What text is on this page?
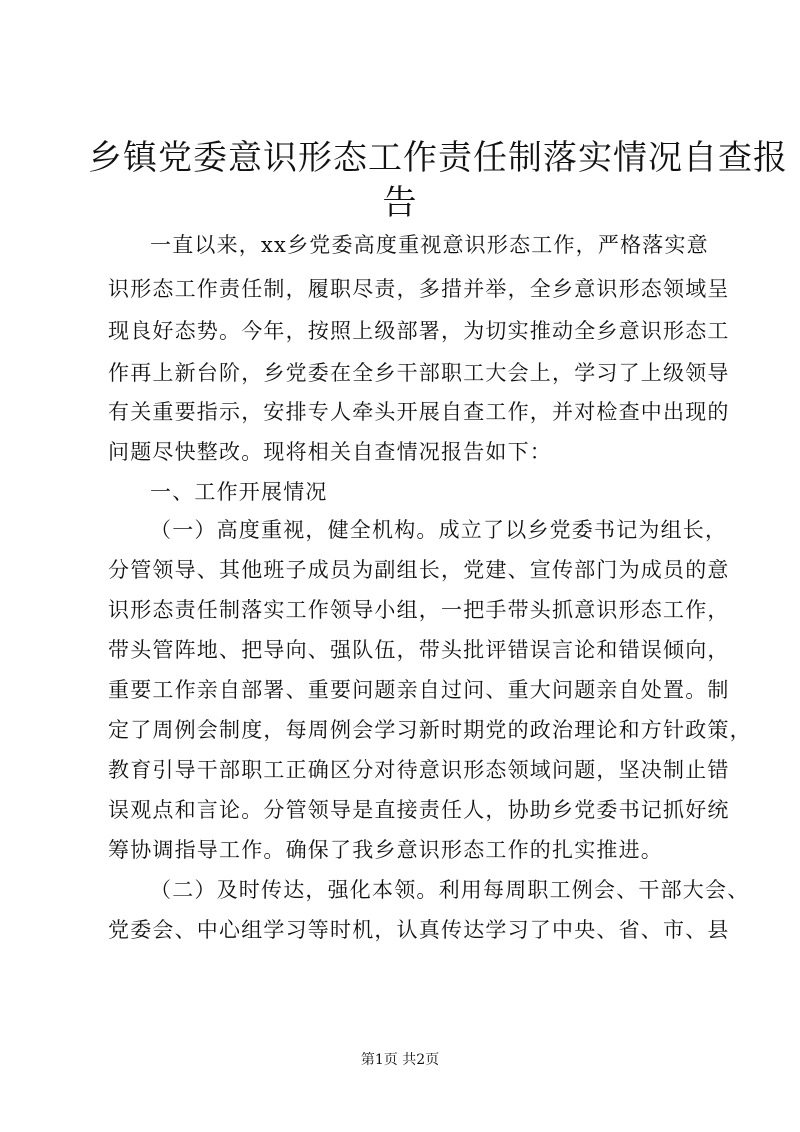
乡镇党委意识形态工作责任制落实情况自查报
告

一直以来，xx乡党委高度重视意识形态工作，严格落实意

识形态工作责任制，履职尽责，多措并举，全乡意识形态领域呈

现良好态势。今年，按照上级部署，为切实推动全乡意识形态工

作再上新台阶，乡党委在全乡干部职工大会上，学习了上级领导

有关重要指示，安排专人牵头开展自查工作，并对检查中出现的

问题尽快整改。现将相关自查情况报告如下：

一、工作开展情况

（一）高度重视，健全机构。成立了以乡党委书记为组长，

分管领导、其他班子成员为副组长，党建、宣传部门为成员的意

识形态责任制落实工作领导小组，一把手带头抓意识形态工作，

带头管阵地、把导向、强队伍，带头批评错误言论和错误倾向，

重要工作亲自部署、重要问题亲自过问、重大问题亲自处置。制

定了周例会制度，每周例会学习新时期党的政治理论和方针政策，

教育引导干部职工正确区分对待意识形态领域问题，坚决制止错

误观点和言论。分管领导是直接责任人，协助乡党委书记抓好统

筹协调指导工作。确保了我乡意识形态工作的扎实推进。

（二）及时传达，强化本领。利用每周职工例会、干部大会、

党委会、中心组学习等时机，认真传达学习了中央、省、市、县

第1页 共2页
